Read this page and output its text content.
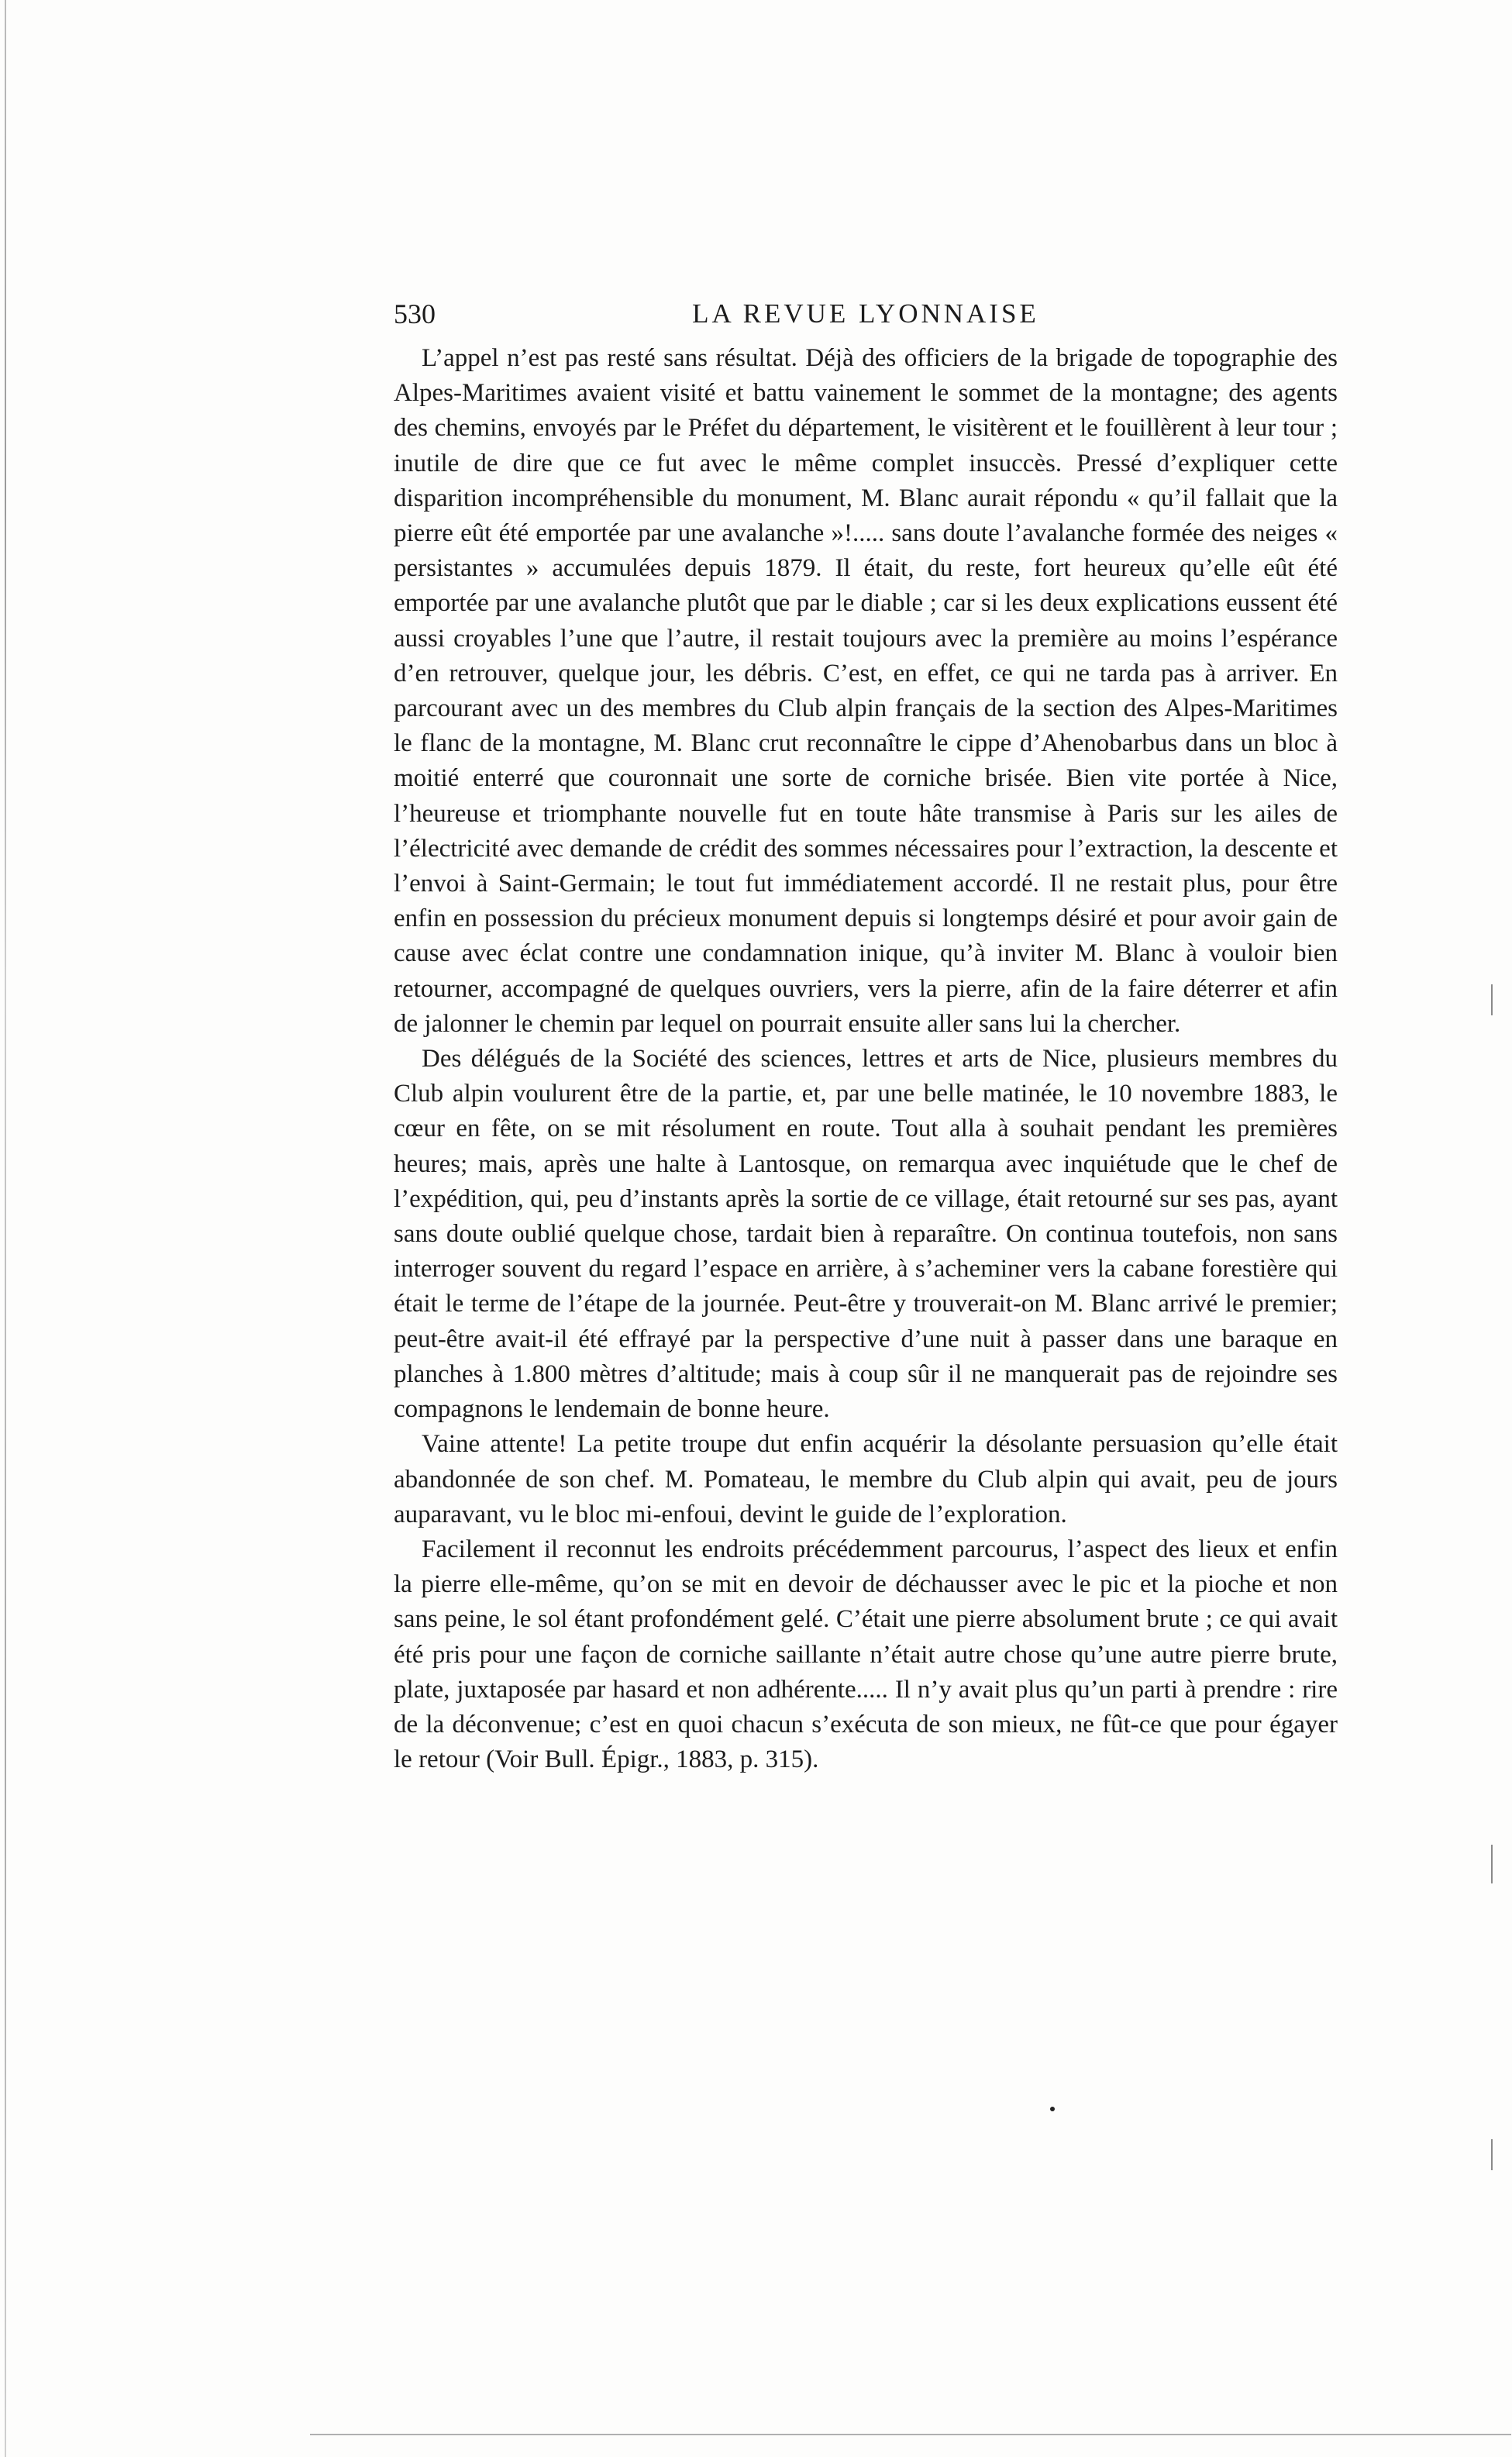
530	LA REVUE LYONNAISE

L’appel n’est pas resté sans résultat. Déjà des officiers de la brigade de topographie des Alpes-Maritimes avaient visité et battu vainement le sommet de la montagne; des agents des chemins, envoyés par le Préfet du département, le visitèrent et le fouillèrent à leur tour ; inutile de dire que ce fut avec le même complet insuccès. Pressé d’expliquer cette disparition incompréhensible du monument, M. Blanc aurait répondu « qu’il fallait que la pierre eût été emportée par une avalanche »!..... sans doute l’avalanche formée des neiges « persistantes » accumulées depuis 1879. Il était, du reste, fort heureux qu’elle eût été emportée par une avalanche plutôt que par le diable ; car si les deux explications eussent été aussi croyables l’une que l’autre, il restait toujours avec la première au moins l’espérance d’en retrouver, quelque jour, les débris. C’est, en effet, ce qui ne tarda pas à arriver. En parcourant avec un des membres du Club alpin français de la section des Alpes-Maritimes le flanc de la montagne, M. Blanc crut reconnaître le cippe d’Ahenobarbus dans un bloc à moitié enterré que couronnait une sorte de corniche brisée. Bien vite portée à Nice, l’heureuse et triomphante nouvelle fut en toute hâte transmise à Paris sur les ailes de l’électricité avec demande de crédit des sommes nécessaires pour l’extraction, la descente et l’envoi à Saint-Germain; le tout fut immédiatement accordé. Il ne restait plus, pour être enfin en possession du précieux monument depuis si longtemps désiré et pour avoir gain de cause avec éclat contre une condamnation inique, qu’à inviter M. Blanc à vouloir bien retourner, accompagné de quelques ouvriers, vers la pierre, afin de la faire déterrer et afin de jalonner le chemin par lequel on pourrait ensuite aller sans lui la chercher.

Des délégués de la Société des sciences, lettres et arts de Nice, plusieurs membres du Club alpin voulurent être de la partie, et, par une belle matinée, le 10 novembre 1883, le cœur en fête, on se mit résolument en route. Tout alla à souhait pendant les premières heures; mais, après une halte à Lantosque, on remarqua avec inquiétude que le chef de l’expédition, qui, peu d’instants après la sortie de ce village, était retourné sur ses pas, ayant sans doute oublié quelque chose, tardait bien à reparaître. On continua toutefois, non sans interroger souvent du regard l’espace en arrière, à s’acheminer vers la cabane forestière qui était le terme de l’étape de la journée. Peut-être y trouverait-on M. Blanc arrivé le premier; peut-être avait-il été effrayé par la perspective d’une nuit à passer dans une baraque en planches à 1.800 mètres d’altitude; mais à coup sûr il ne manquerait pas de rejoindre ses compagnons le lendemain de bonne heure.

Vaine attente! La petite troupe dut enfin acquérir la désolante persuasion qu’elle était abandonnée de son chef. M. Pomateau, le membre du Club alpin qui avait, peu de jours auparavant, vu le bloc mi-enfoui, devint le guide de l’exploration.

Facilement il reconnut les endroits précédemment parcourus, l’aspect des lieux et enfin la pierre elle-même, qu’on se mit en devoir de déchausser avec le pic et la pioche et non sans peine, le sol étant profondément gelé. C’était une pierre absolument brute ; ce qui avait été pris pour une façon de corniche saillante n’était autre chose qu’une autre pierre brute, plate, juxtaposée par hasard et non adhérente..... Il n’y avait plus qu’un parti à prendre : rire de la déconvenue; c’est en quoi chacun s’exécuta de son mieux, ne fût-ce que pour égayer le retour (Voir Bull. Épigr., 1883, p. 315).
